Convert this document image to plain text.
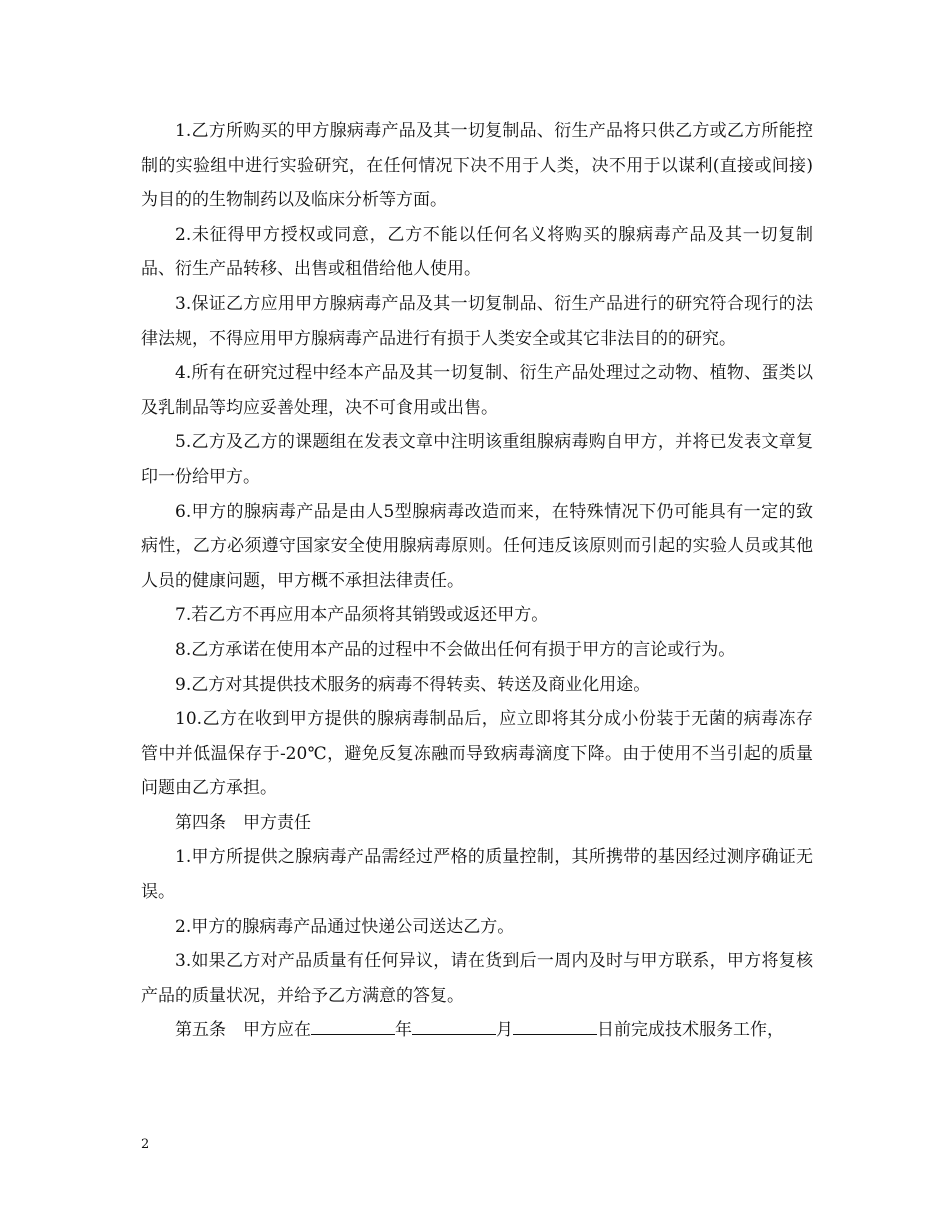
1.乙方所购买的甲方腺病毒产品及其一切复制品、衍生产品将只供乙方或乙方所能控制的实验组中进行实验研究，在任何情况下决不用于人类，决不用于以谋利(直接或间接)为目的的生物制药以及临床分析等方面。

2.未征得甲方授权或同意，乙方不能以任何名义将购买的腺病毒产品及其一切复制品、衍生产品转移、出售或租借给他人使用。

3.保证乙方应用甲方腺病毒产品及其一切复制品、衍生产品进行的研究符合现行的法律法规，不得应用甲方腺病毒产品进行有损于人类安全或其它非法目的的研究。

4.所有在研究过程中经本产品及其一切复制、衍生产品处理过之动物、植物、蛋类以及乳制品等均应妥善处理，决不可食用或出售。

5.乙方及乙方的课题组在发表文章中注明该重组腺病毒购自甲方，并将已发表文章复印一份给甲方。

6.甲方的腺病毒产品是由人5型腺病毒改造而来，在特殊情况下仍可能具有一定的致病性，乙方必须遵守国家安全使用腺病毒原则。任何违反该原则而引起的实验人员或其他人员的健康问题，甲方概不承担法律责任。

7.若乙方不再应用本产品须将其销毁或返还甲方。

8.乙方承诺在使用本产品的过程中不会做出任何有损于甲方的言论或行为。

9.乙方对其提供技术服务的病毒不得转卖、转送及商业化用途。

10.乙方在收到甲方提供的腺病毒制品后，应立即将其分成小份装于无菌的病毒冻存管中并低温保存于-20℃，避免反复冻融而导致病毒滴度下降。由于使用不当引起的质量问题由乙方承担。

第四条　甲方责任

1.甲方所提供之腺病毒产品需经过严格的质量控制，其所携带的基因经过测序确证无误。

2.甲方的腺病毒产品通过快递公司送达乙方。

3.如果乙方对产品质量有任何异议，请在货到后一周内及时与甲方联系，甲方将复核产品的质量状况，并给予乙方满意的答复。

第五条　甲方应在	年	月	日前完成技术服务工作，

2
